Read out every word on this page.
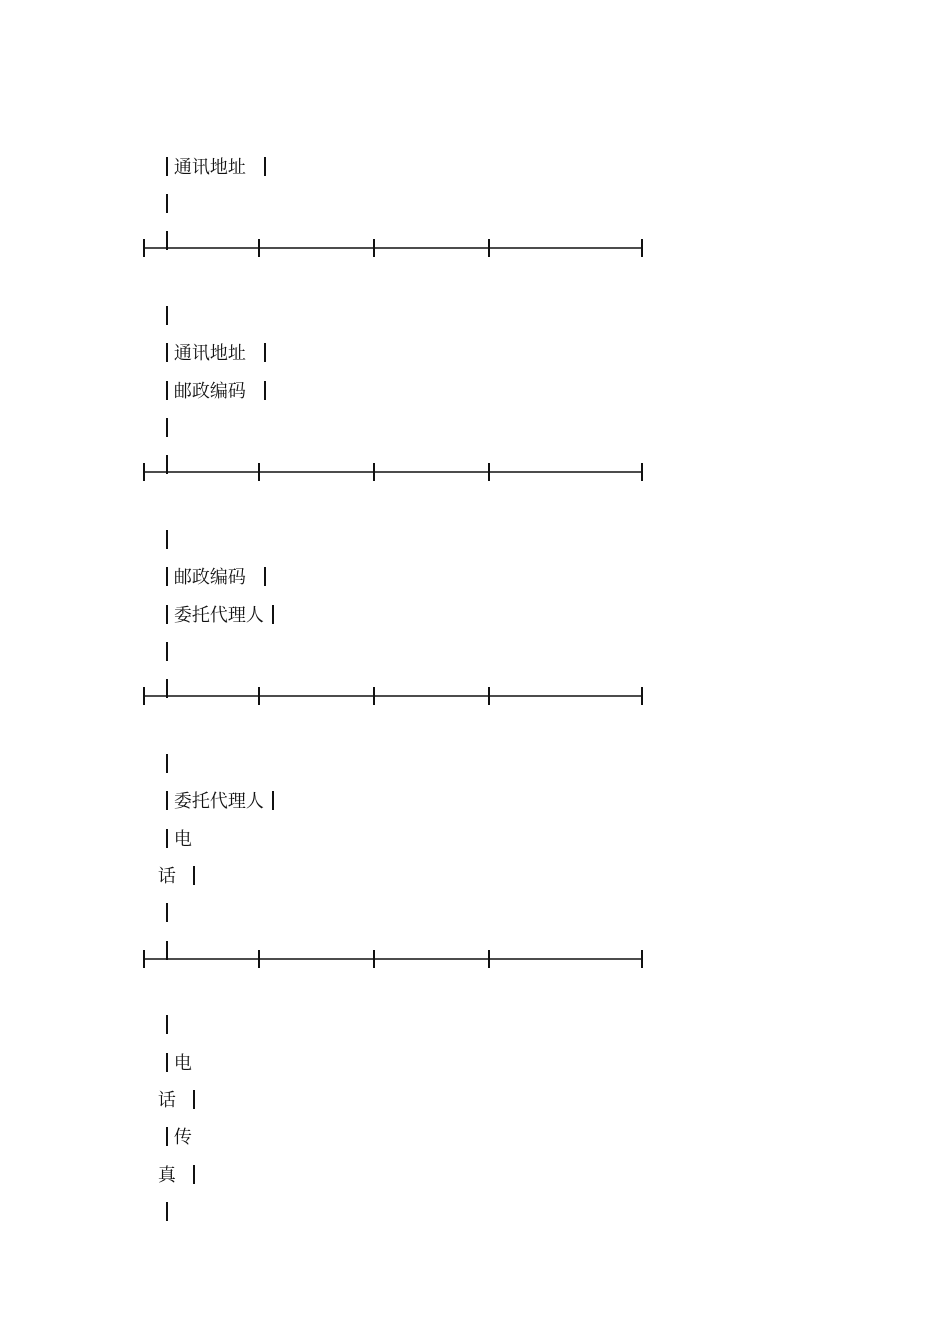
通讯地址

通讯地址

邮政编码

邮政编码

委托代理人

委托代理人

电

话

电

话

传

真
